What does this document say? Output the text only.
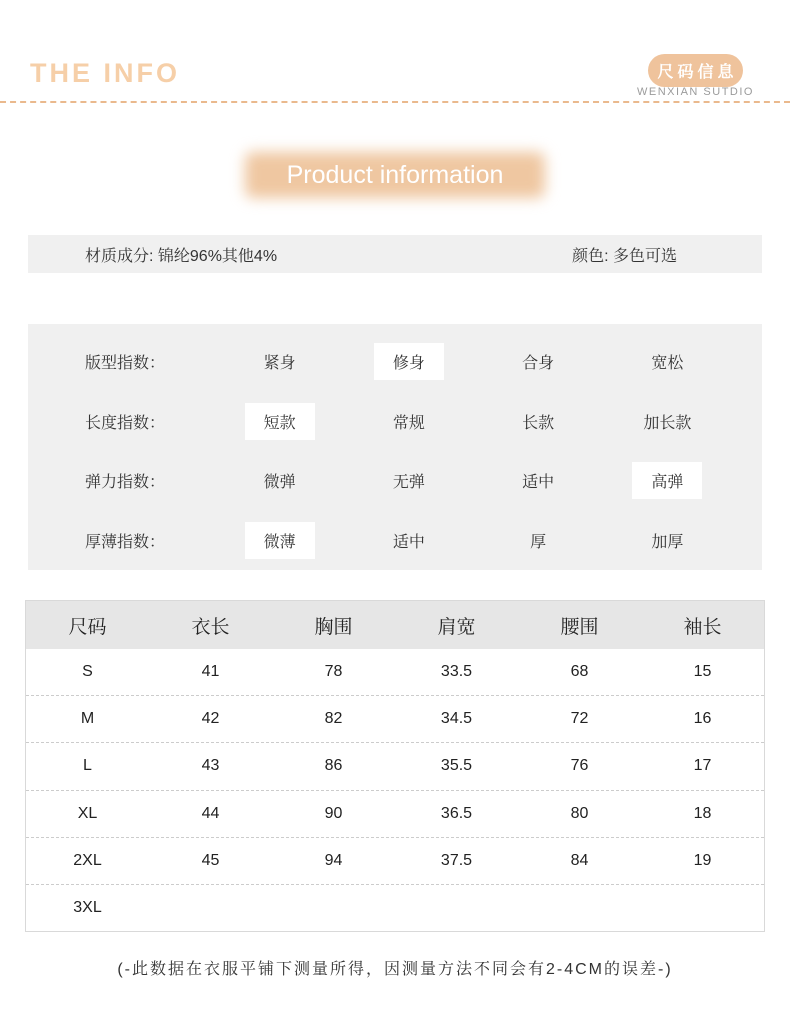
THE INFO	尺码信息
WENXIAN SUTDIO
Product information
材质成分: 锦纶96%其他4%	颜色: 多色可选
版型指数：	紧身	修身	合身	宽松
长度指数：	短款	常规	长款	加长款
弹力指数：	微弹	无弹	适中	高弹
厚薄指数：	微薄	适中	厚	加厚
尺码	衣长	胸围	肩宽	腰围	袖长
S	41	78	33.5	68	15
M	42	82	34.5	72	16
L	43	86	35.5	76	17
XL	44	90	36.5	80	18
2XL	45	94	37.5	84	19
3XL
(-此数据在衣服平铺下测量所得，因测量方法不同会有2-4CM的误差-)
